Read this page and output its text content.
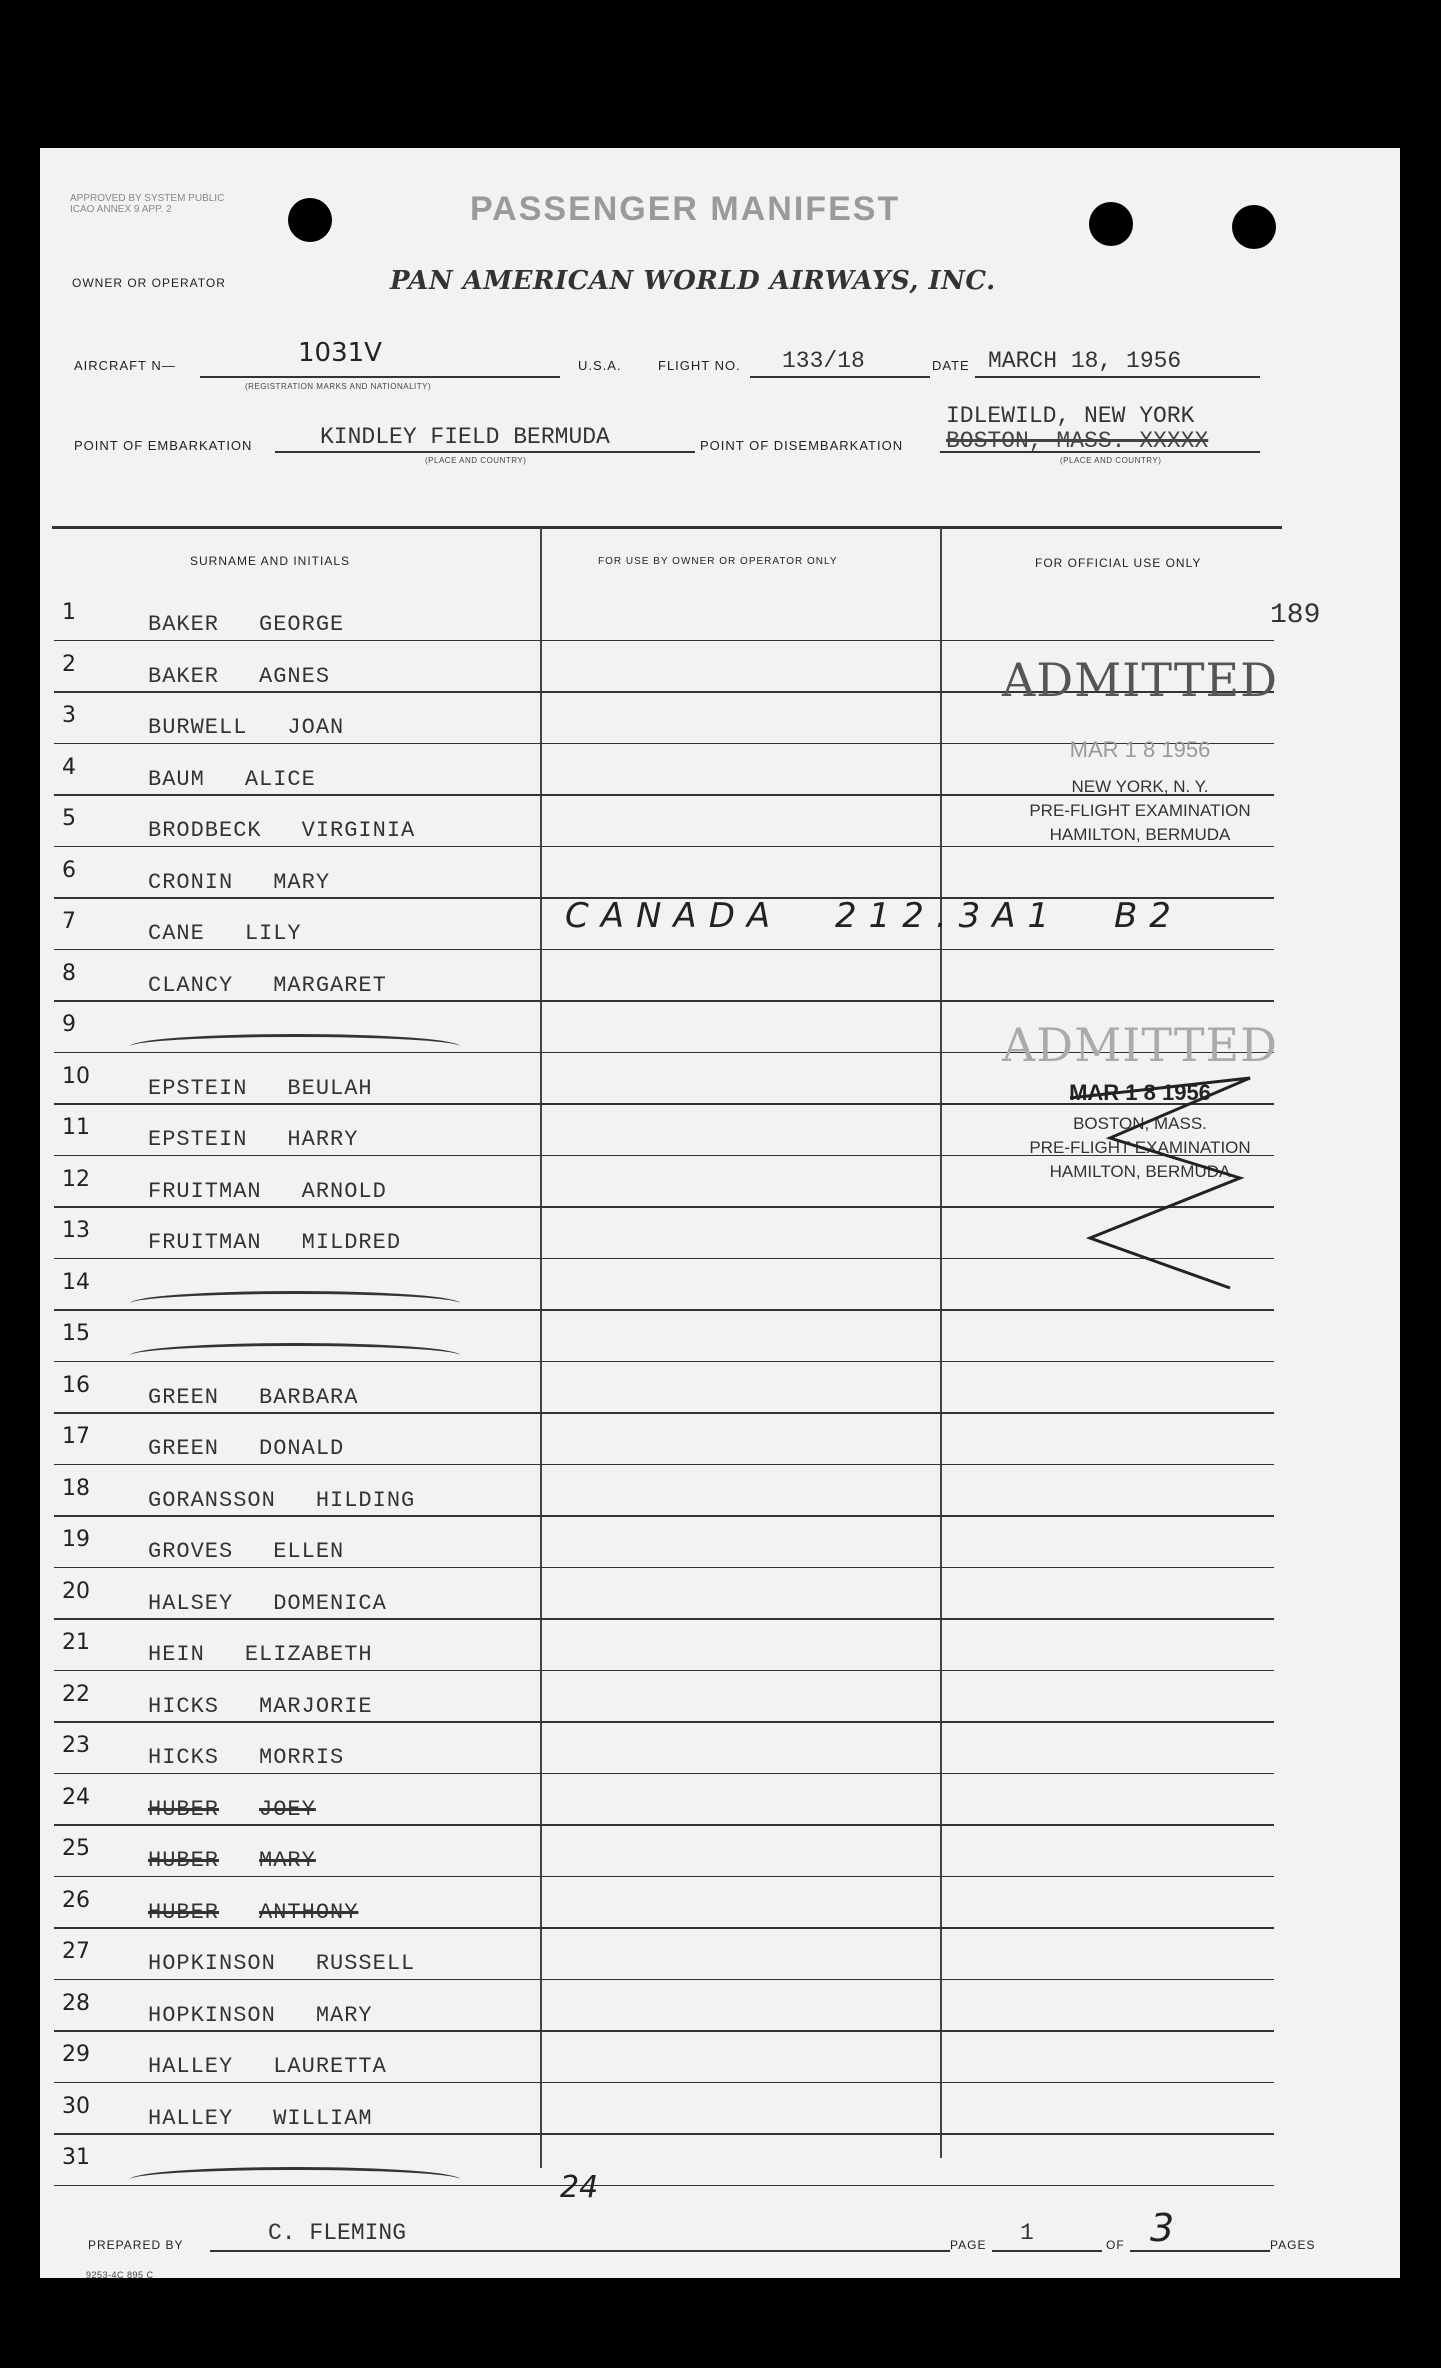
APPROVED BY SYSTEM PUBLIC ICAO ANNEX 9 APP. 2	PASSENGER MANIFEST
OWNER OR OPERATOR	PAN AMERICAN WORLD AIRWAYS, INC.
AIRCRAFT N—	1031V
(REGISTRATION MARKS AND NATIONALITY)
U.S.A.	FLIGHT NO. 133/18	DATE MARCH 18, 1956
POINT OF EMBARKATION	KINDLEY FIELD BERMUDA
(PLACE AND COUNTRY)
POINT OF DISEMBARKATION
IDLEWILD, NEW YORK
BOSTON, MASS. XXXXX
(PLACE AND COUNTRY)
SURNAME AND INITIALS	FOR USE BY OWNER OR OPERATOR ONLY	FOR OFFICIAL USE ONLY
1	BAKER GEORGE
2	BAKER AGNES
3	BURWELL JOAN
4	BAUM ALICE
5	BRODBECK VIRGINIA
6	CRONIN MARY
7	CANE LILY
8	CLANCY MARGARET
9
10	EPSTEIN BEULAH
11	EPSTEIN HARRY
12	FRUITMAN ARNOLD
13	FRUITMAN MILDRED
14
15
16	GREEN BARBARA
17	GREEN DONALD
18	GORANSSON HILDING
19	GROVES ELLEN
20	HALSEY DOMENICA
21	HEIN ELIZABETH
22	HICKS MARJORIE
23	HICKS MORRIS
24	HUBER JOEY
25	HUBER MARY
26	HUBER ANTHONY
27	HOPKINSON RUSSELL
28	HOPKINSON MARY
29	HALLEY LAURETTA
30	HALLEY WILLIAM
31
189
CANADA 212.3A1 B2
24
ADMITTED
MAR 1 8 1956
NEW YORK, N. Y.
PRE-FLIGHT EXAMINATION
HAMILTON, BERMUDA
ADMITTED
MAR 1 8 1956
BOSTON, MASS.
PRE-FLIGHT EXAMINATION
HAMILTON, BERMUDA
PREPARED BY	C. FLEMING	PAGE 1	OF 3	PAGES
9253-4C 895 C
